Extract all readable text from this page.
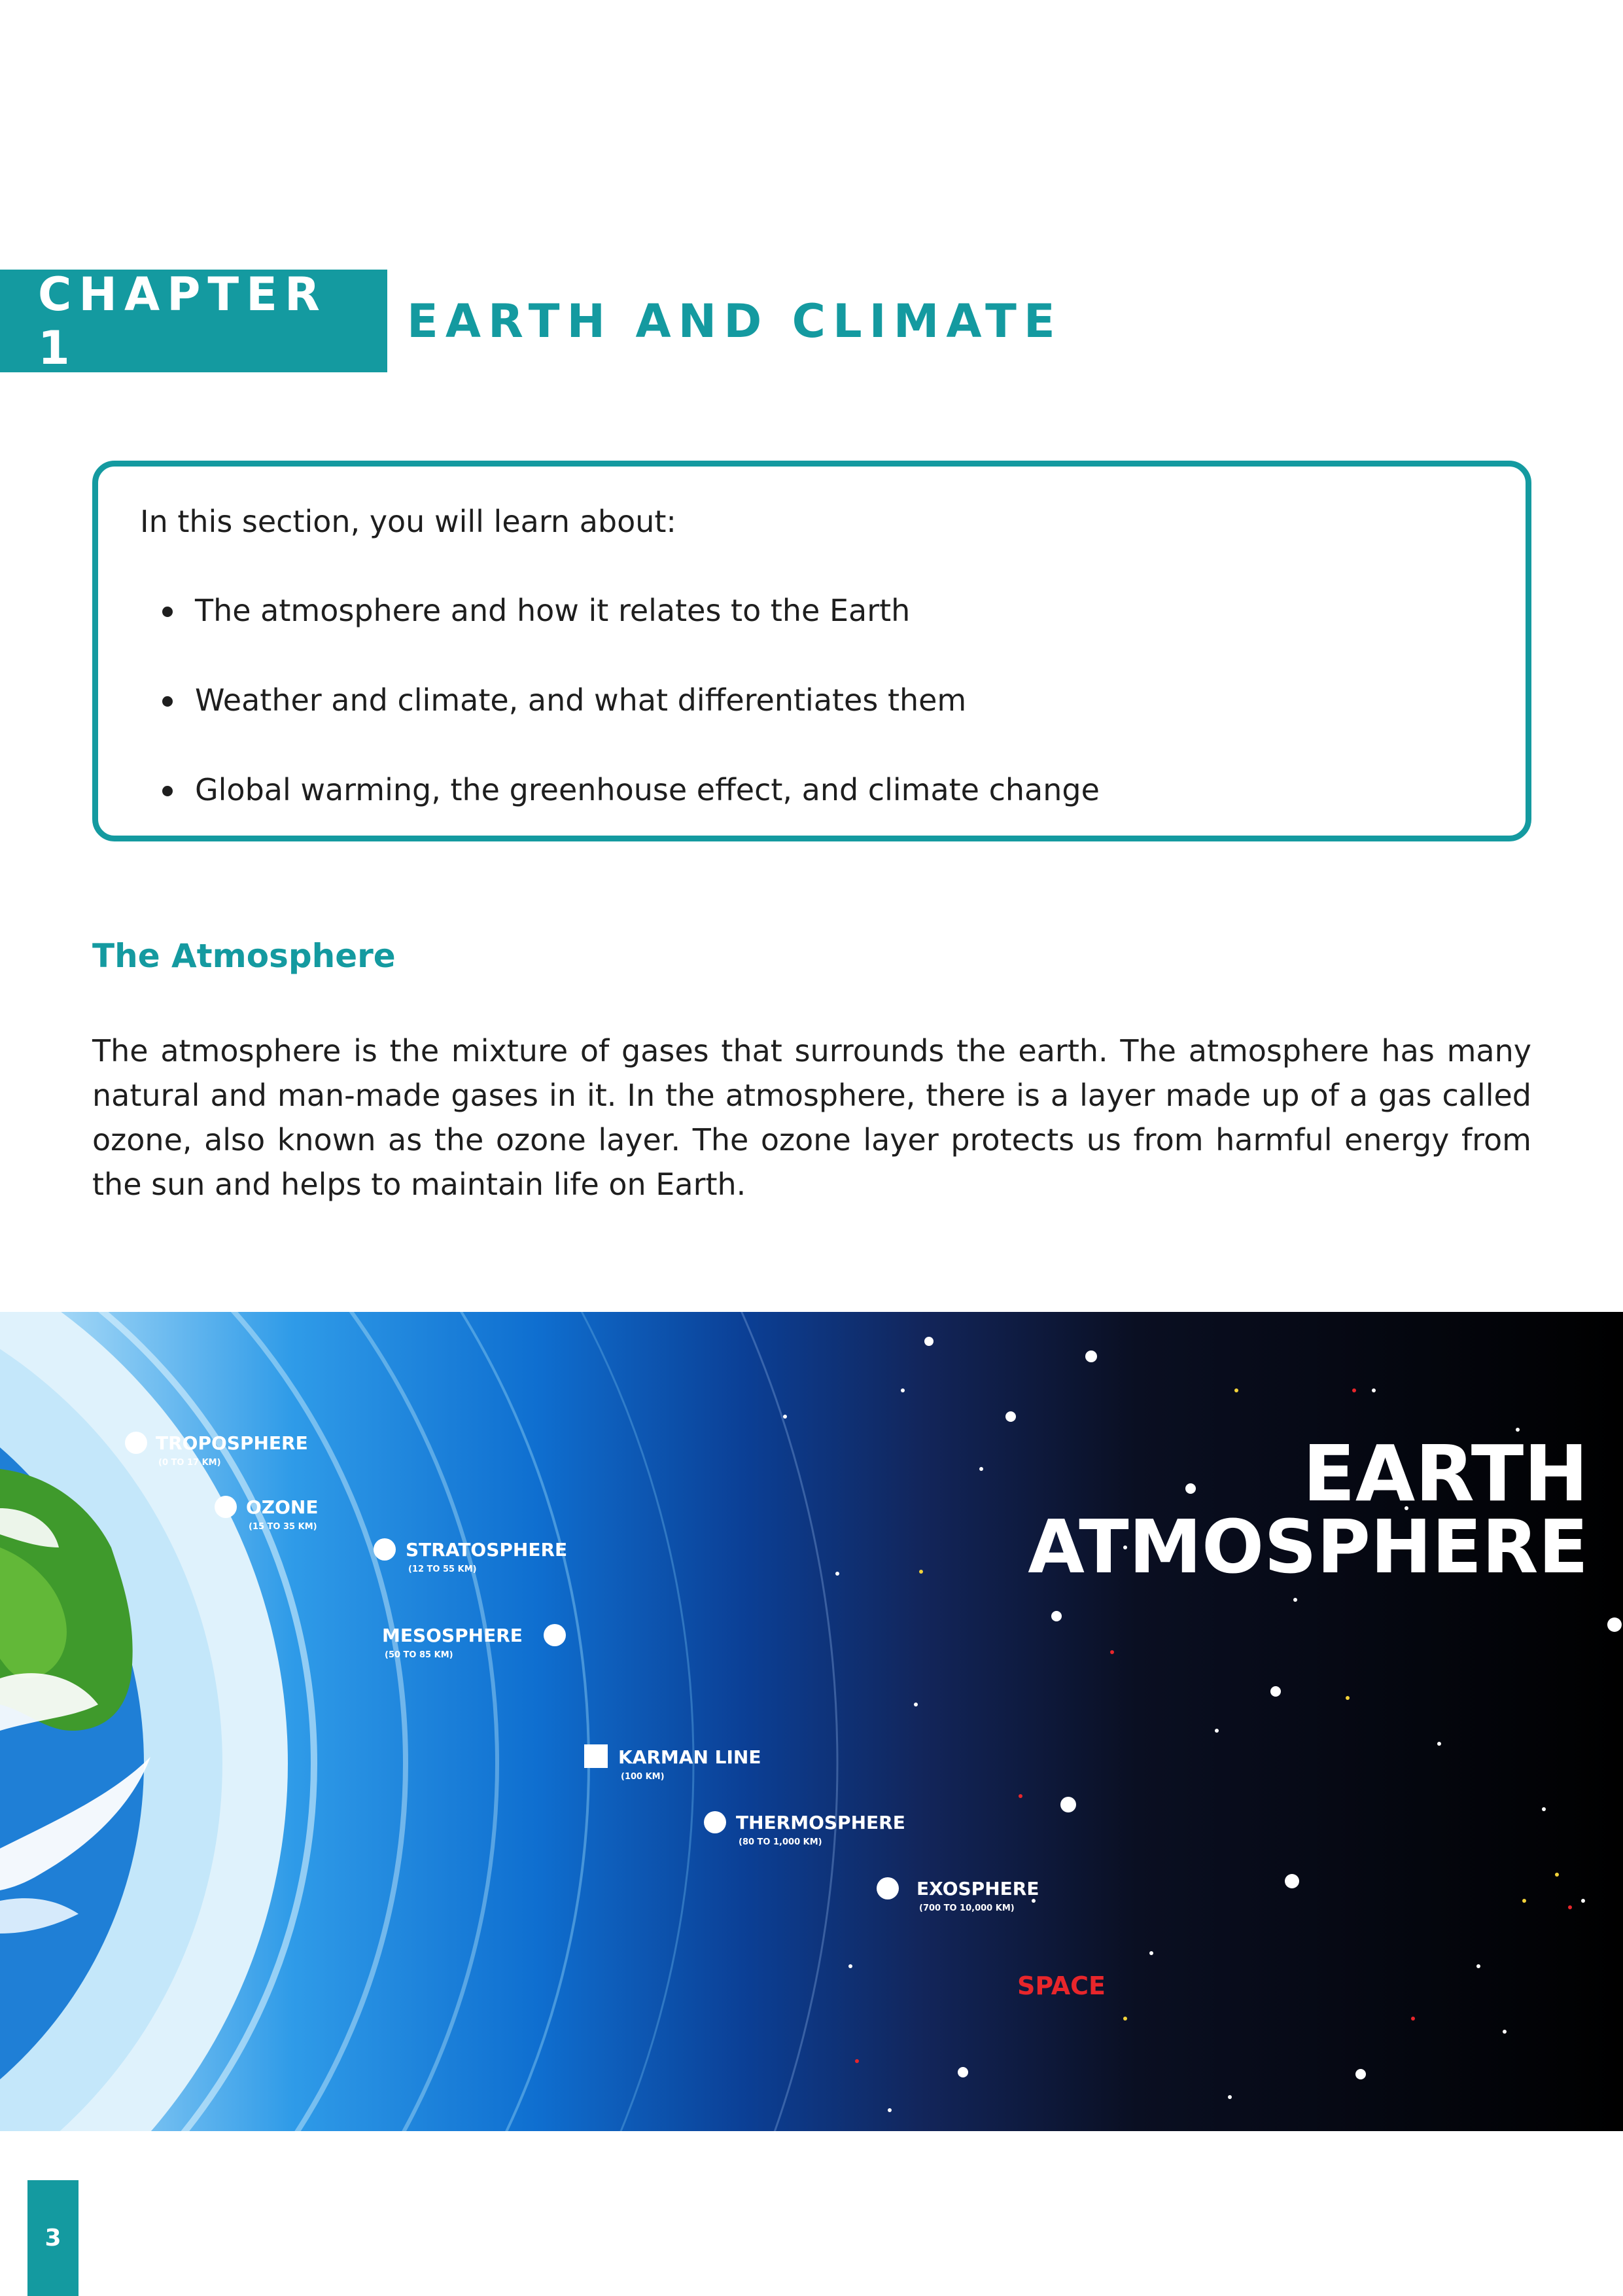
CHAPTER 1	EARTH AND CLIMATE

In this section, you will learn about:

The atmosphere and how it relates to the Earth
Weather and climate, and what differentiates them
Global warming, the greenhouse effect, and climate change
The Atmosphere

The atmosphere is the mixture of gases that surrounds the earth. The atmosphere has many natural and man-made gases in it. In the atmosphere, there is a layer made up of a gas called ozone, also known as the ozone layer. The ozone layer protects us from harmful energy from the sun and helps to maintain life on Earth.

TROPOSPHERE
(0 TO 17 KM)
OZONE
(15 TO 35 KM)
STRATOSPHERE
(12 TO 55 KM)
MESOSPHERE
(50 TO 85 KM)
KARMAN LINE
(100 KM)
THERMOSPHERE
(80 TO 1,000 KM)
EXOSPHERE
(700 TO 10,000 KM)
SPACE
EARTH
ATMOSPHERE
3
